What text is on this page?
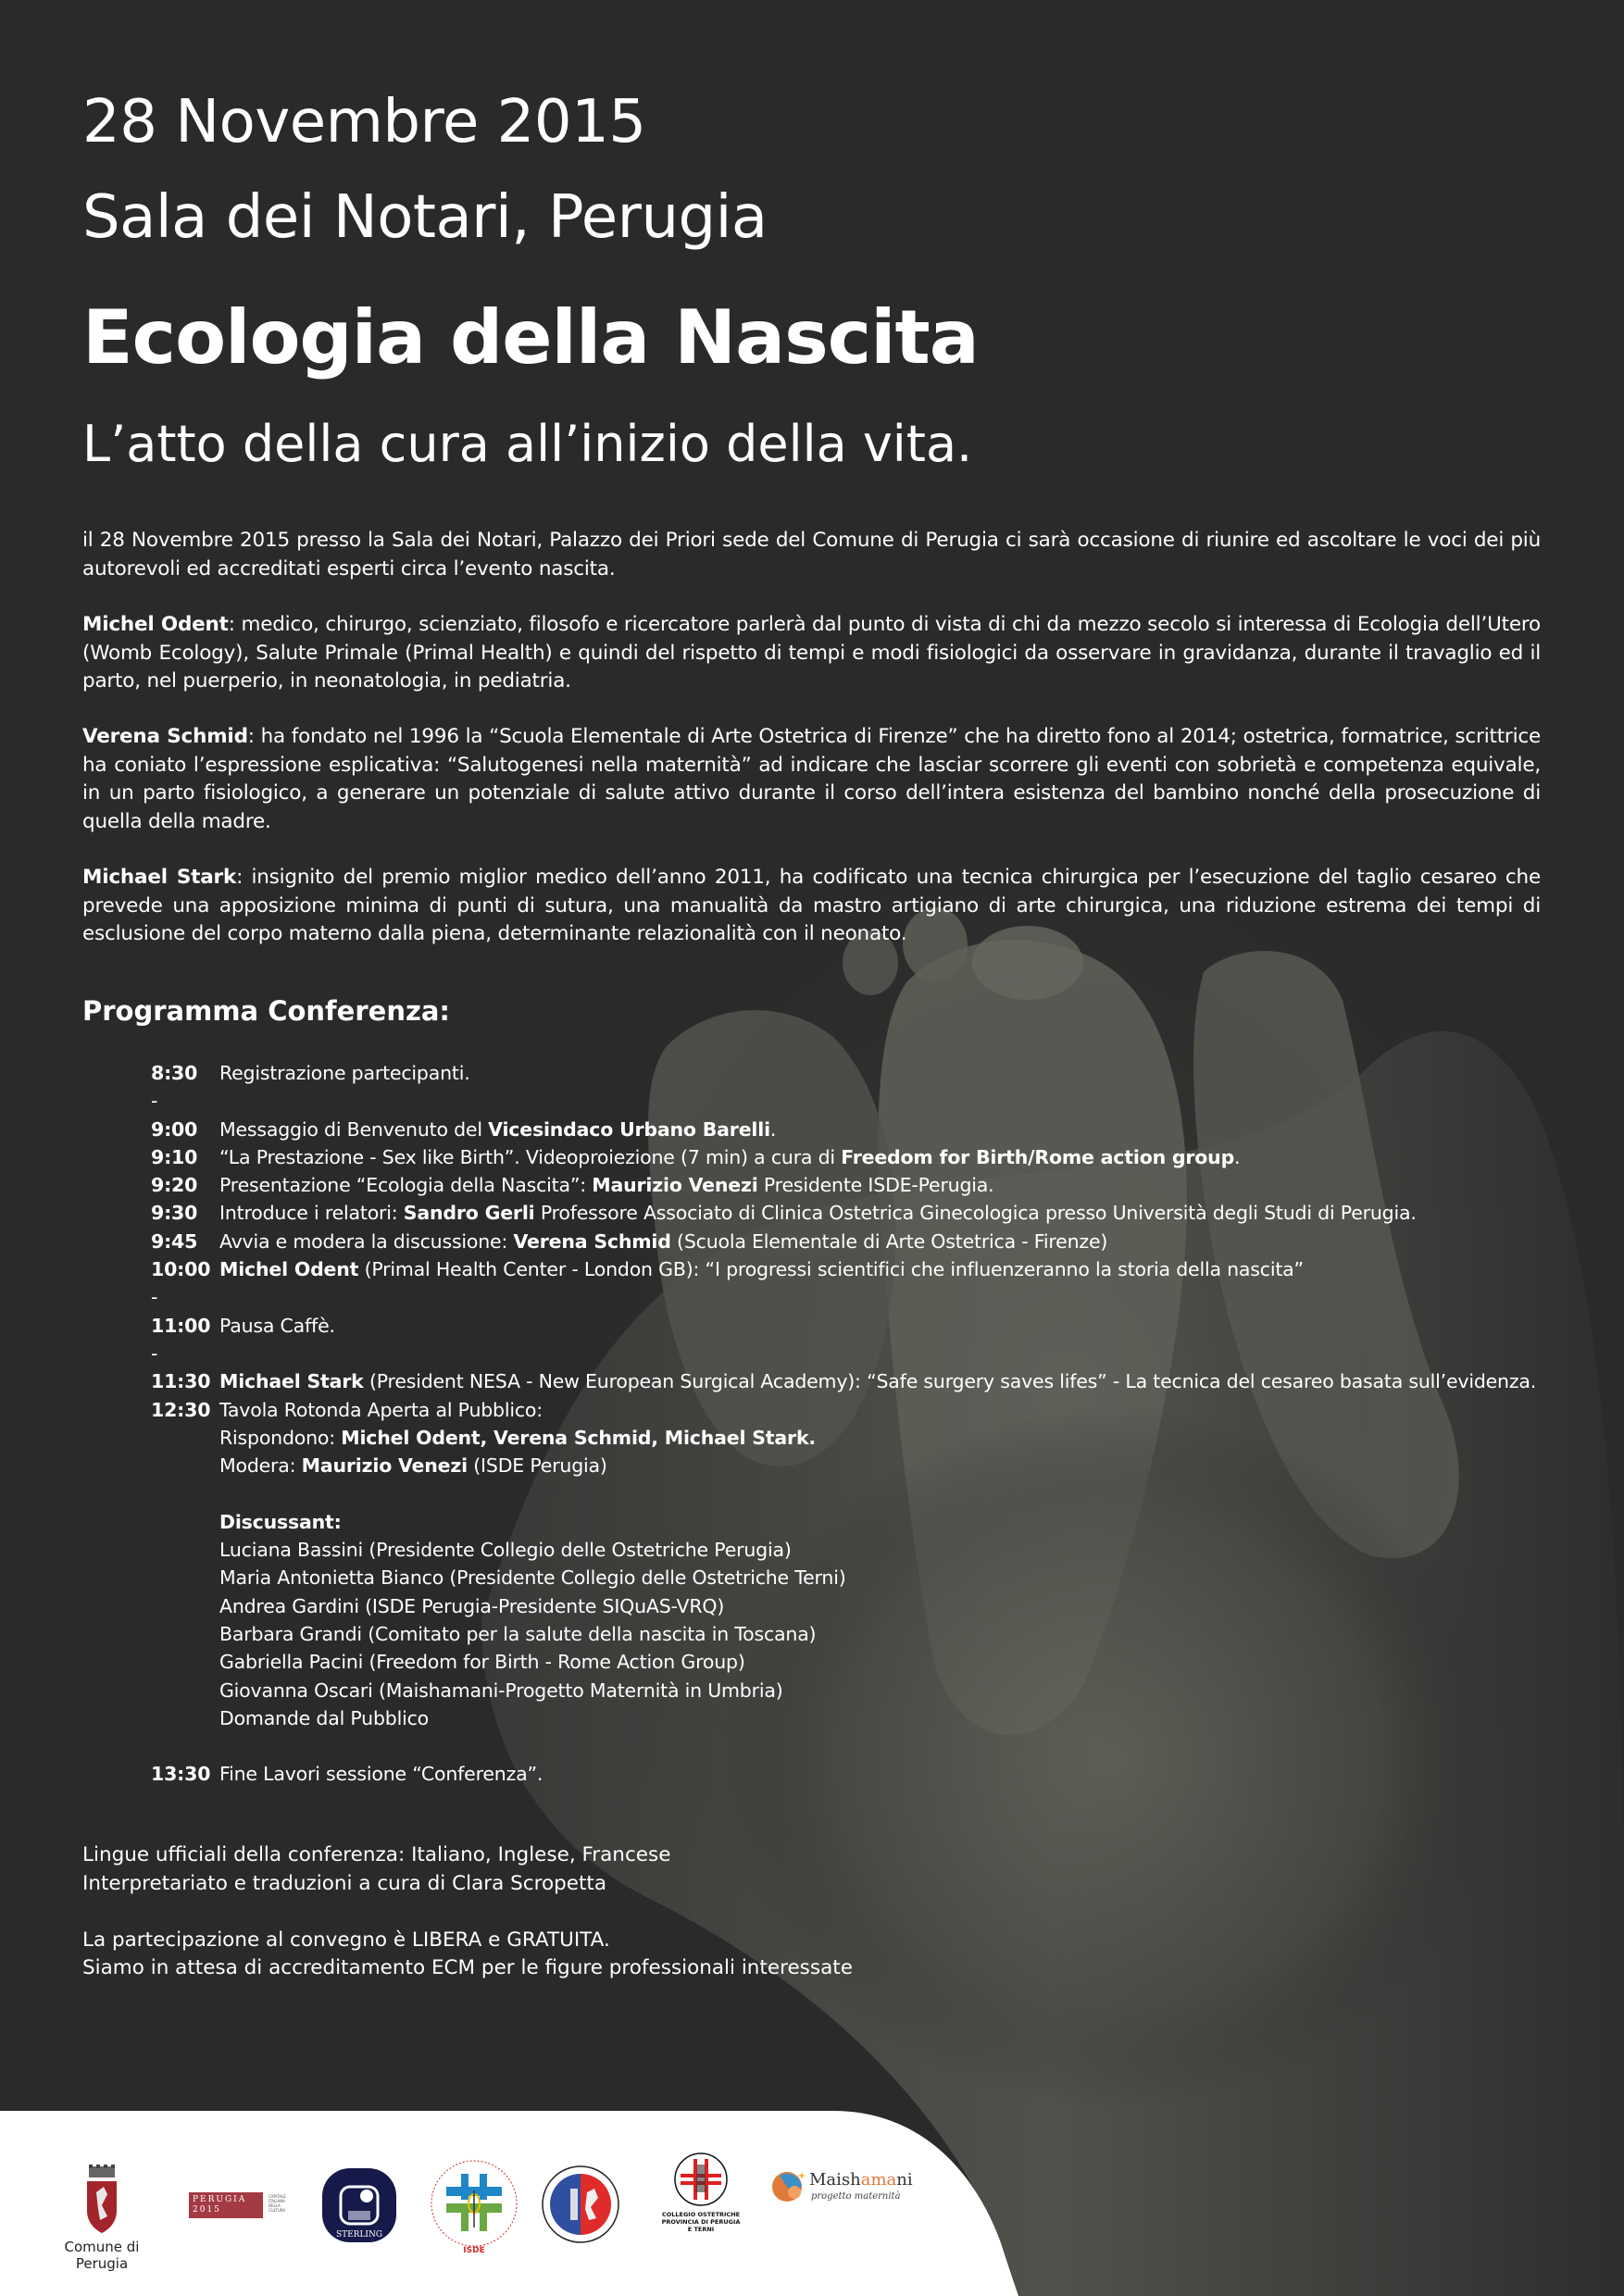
28 Novembre 2015
Sala dei Notari, Perugia
Ecologia della Nascita
L’atto della cura all’inizio della vita.
il 28 Novembre 2015 presso la Sala dei Notari, Palazzo dei Priori sede del Comune di Perugia ci sarà occasione di riunire ed ascoltare le voci dei più autorevoli ed accreditati esperti circa l’evento nascita.
Michel Odent: medico, chirurgo, scienziato, filosofo e ricercatore parlerà dal punto di vista di chi da mezzo secolo si interessa di Ecologia dell’Utero (Womb Ecology), Salute Primale (Primal Health) e quindi del rispetto di tempi e modi fisiologici da osservare in gravidanza, durante il travaglio ed il parto, nel puerperio, in neonatologia, in pediatria.
Verena Schmid: ha fondato nel 1996 la “Scuola Elementale di Arte Ostetrica di Firenze” che ha diretto fono al 2014; ostetrica, formatrice, scrittrice ha coniato l’espressione esplicativa: “Salutogenesi nella maternità” ad indicare che lasciar scorrere gli eventi con sobrietà e competenza equivale, in un parto fisiologico, a generare un potenziale di salute attivo durante il corso dell’intera esistenza del bambino nonché della prosecuzione di quella della madre.
Michael Stark: insignito del premio miglior medico dell’anno 2011, ha codificato una tecnica chirurgica per l’esecuzione del taglio cesareo che prevede una apposizione minima di punti di sutura, una manualità da mastro artigiano di arte chirurgica, una riduzione estrema dei tempi di esclusione del corpo materno dalla piena, determinante relazionalità con il neonato.
Programma Conferenza:
8:30	Registrazione partecipanti.
-
9:00	Messaggio di Benvenuto del Vicesindaco Urbano Barelli.
9:10	“La Prestazione - Sex like Birth”. Videoproiezione (7 min) a cura di Freedom for Birth/Rome action group.
9:20	Presentazione “Ecologia della Nascita”: Maurizio Venezi Presidente ISDE-Perugia.
9:30	Introduce i relatori: Sandro Gerli Professore Associato di Clinica Ostetrica Ginecologica presso Università degli Studi di Perugia.
9:45	Avvia e modera la discussione: Verena Schmid (Scuola Elementale di Arte Ostetrica - Firenze)
10:00 Michel Odent (Primal Health Center - London GB): “I progressi scientifici che influenzeranno la storia della nascita”
-
11:00 Pausa Caffè.
-
11:30 Michael Stark (President NESA - New European Surgical Academy): “Safe surgery saves lifes” - La tecnica del cesareo basata sull’evidenza.
12:30 Tavola Rotonda Aperta al Pubblico:
Rispondono: Michel Odent, Verena Schmid, Michael Stark.
Modera: Maurizio Venezi (ISDE Perugia)
Discussant:
Luciana Bassini (Presidente Collegio delle Ostetriche Perugia)
Maria Antonietta Bianco (Presidente Collegio delle Ostetriche Terni)
Andrea Gardini (ISDE Perugia-Presidente SIQuAS-VRQ)
Barbara Grandi (Comitato per la salute della nascita in Toscana)
Gabriella Pacini (Freedom for Birth - Rome Action Group)
Giovanna Oscari (Maishamani-Progetto Maternità in Umbria)
Domande dal Pubblico
13:30 Fine Lavori sessione “Conferenza”.
Lingue ufficiali della conferenza: Italiano, Inglese, Francese
Interpretariato e traduzioni a cura di Clara Scropetta
La partecipazione al convegno è LIBERA e GRATUITA.
Siamo in attesa di accreditamento ECM per le figure professionali interessate
Comune di Perugia
PERUGIA
2015
CAPITALE ITALIANA DELLA CULTURA
STERLING
ISDE
COLLEGIO OSTETRICHE
PROVINCIA DI PERUGIA
E TERNI
Maishamani
progetto maternità
